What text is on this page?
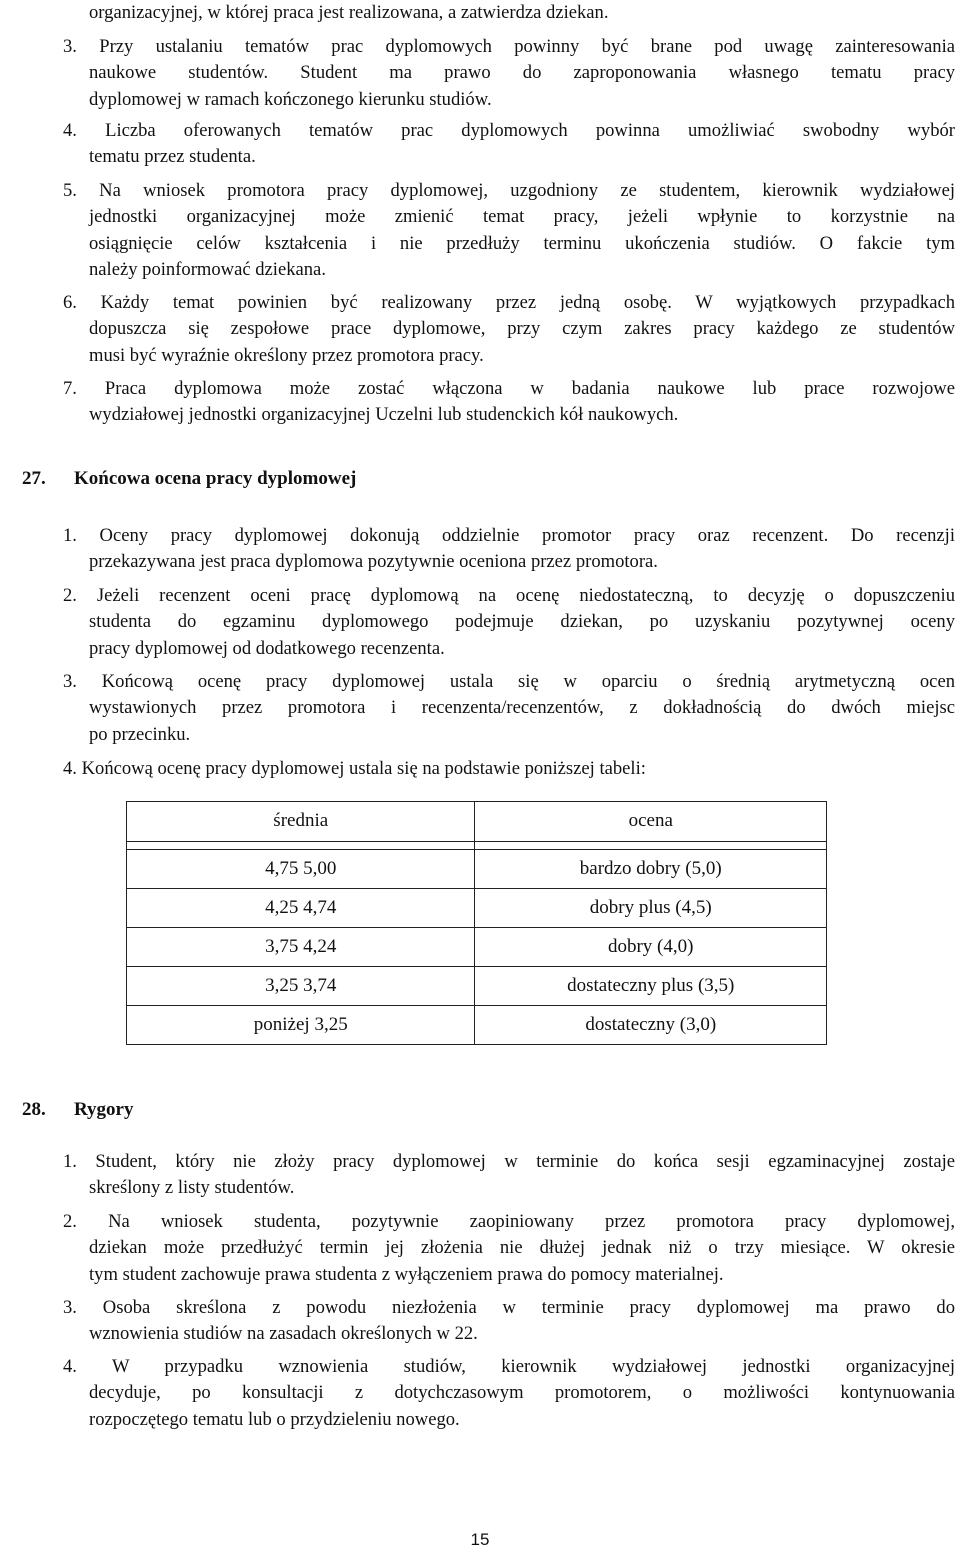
organizacyjnej, w której praca jest realizowana, a zatwierdza dziekan.
3. Przy ustalaniu tematów prac dyplomowych powinny być brane pod uwagę zainteresowania
naukowe studentów. Student ma prawo do zaproponowania własnego tematu pracy
dyplomowej w ramach kończonego kierunku studiów.
4. Liczba oferowanych tematów prac dyplomowych powinna umożliwiać swobodny wybór
tematu przez studenta.
5. Na wniosek promotora pracy dyplomowej, uzgodniony ze studentem, kierownik wydziałowej
jednostki organizacyjnej może zmienić temat pracy, jeżeli wpłynie to korzystnie na
osiągnięcie celów kształcenia i nie przedłuży terminu ukończenia studiów. O fakcie tym
należy poinformować dziekana.
6. Każdy temat powinien być realizowany przez jedną osobę. W wyjątkowych przypadkach
dopuszcza się zespołowe prace dyplomowe, przy czym zakres pracy każdego ze studentów
musi być wyraźnie określony przez promotora pracy.
7. Praca dyplomowa może zostać włączona w badania naukowe lub prace rozwojowe
wydziałowej jednostki organizacyjnej Uczelni lub studenckich kół naukowych.
27. Końcowa ocena pracy dyplomowej
1. Oceny pracy dyplomowej dokonują oddzielnie promotor pracy oraz recenzent. Do recenzji
przekazywana jest praca dyplomowa pozytywnie oceniona przez promotora.
2. Jeżeli recenzent oceni pracę dyplomową na ocenę niedostateczną, to decyzję o dopuszczeniu
studenta do egzaminu dyplomowego podejmuje dziekan, po uzyskaniu pozytywnej oceny
pracy dyplomowej od dodatkowego recenzenta.
3. Końcową ocenę pracy dyplomowej ustala się w oparciu o średnią arytmetyczną ocen
wystawionych przez promotora i recenzenta/recenzentów, z dokładnością do dwóch miejsc
po przecinku.
4. Końcową ocenę pracy dyplomowej ustala się na podstawie poniższej tabeli:
średnia	ocena

4,75 5,00	bardzo dobry (5,0)
4,25 4,74	dobry plus (4,5)
3,75 4,24	dobry (4,0)
3,25 3,74	dostateczny plus (3,5)
poniżej 3,25	dostateczny (3,0)
28. Rygory
1. Student, który nie złoży pracy dyplomowej w terminie do końca sesji egzaminacyjnej zostaje
skreślony z listy studentów.
2. Na wniosek studenta, pozytywnie zaopiniowany przez promotora pracy dyplomowej,
dziekan może przedłużyć termin jej złożenia nie dłużej jednak niż o trzy miesiące. W okresie
tym student zachowuje prawa studenta z wyłączeniem prawa do pomocy materialnej.
3. Osoba skreślona z powodu niezłożenia w terminie pracy dyplomowej ma prawo do
wznowienia studiów na zasadach określonych w 22.
4. W przypadku wznowienia studiów, kierownik wydziałowej jednostki organizacyjnej
decyduje, po konsultacji z dotychczasowym promotorem, o możliwości kontynuowania
rozpoczętego tematu lub o przydzieleniu nowego.
15
